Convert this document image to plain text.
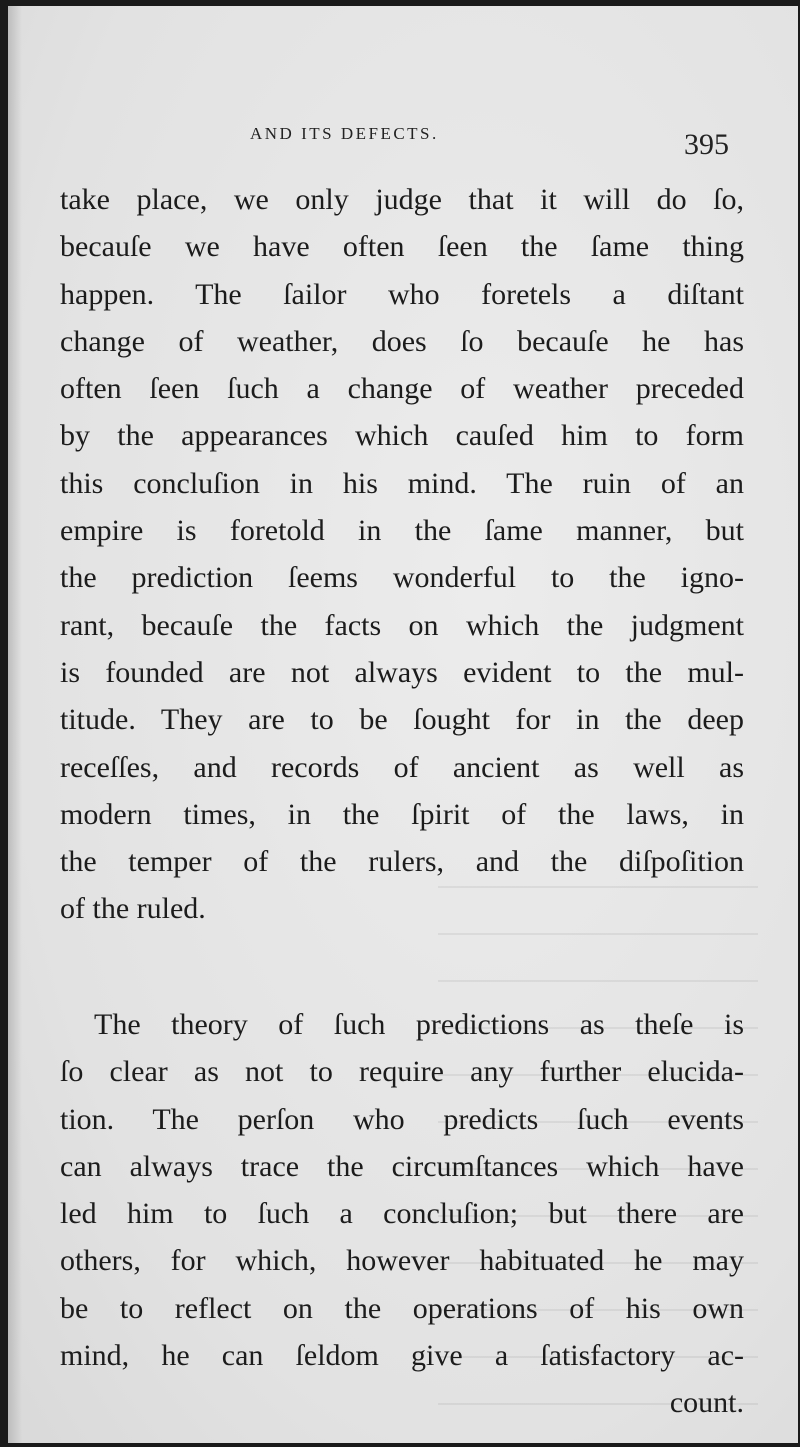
AND ITS DEFECTS.	395
take place, we only judge that it will do ſo,
becauſe we have often ſeen the ſame thing
happen. The ſailor who foretels a diſtant
change of weather, does ſo becauſe he has
often ſeen ſuch a change of weather preceded
by the appearances which cauſed him to form
this concluſion in his mind. The ruin of an
empire is foretold in the ſame manner, but
the prediction ſeems wonderful to the igno-
rant, becauſe the facts on which the judgment
is founded are not always evident to the mul-
titude. They are to be ſought for in the deep
receſſes, and records of ancient as well as
modern times, in the ſpirit of the laws, in
the temper of the rulers, and the diſpoſition
of the ruled.
The theory of ſuch predictions as theſe is
ſo clear as not to require any further elucida-
tion. The perſon who predicts ſuch events
can always trace the circumſtances which have
led him to ſuch a concluſion; but there are
others, for which, however habituated he may
be to reflect on the operations of his own
mind, he can ſeldom give a ſatisfactory ac-
count.
